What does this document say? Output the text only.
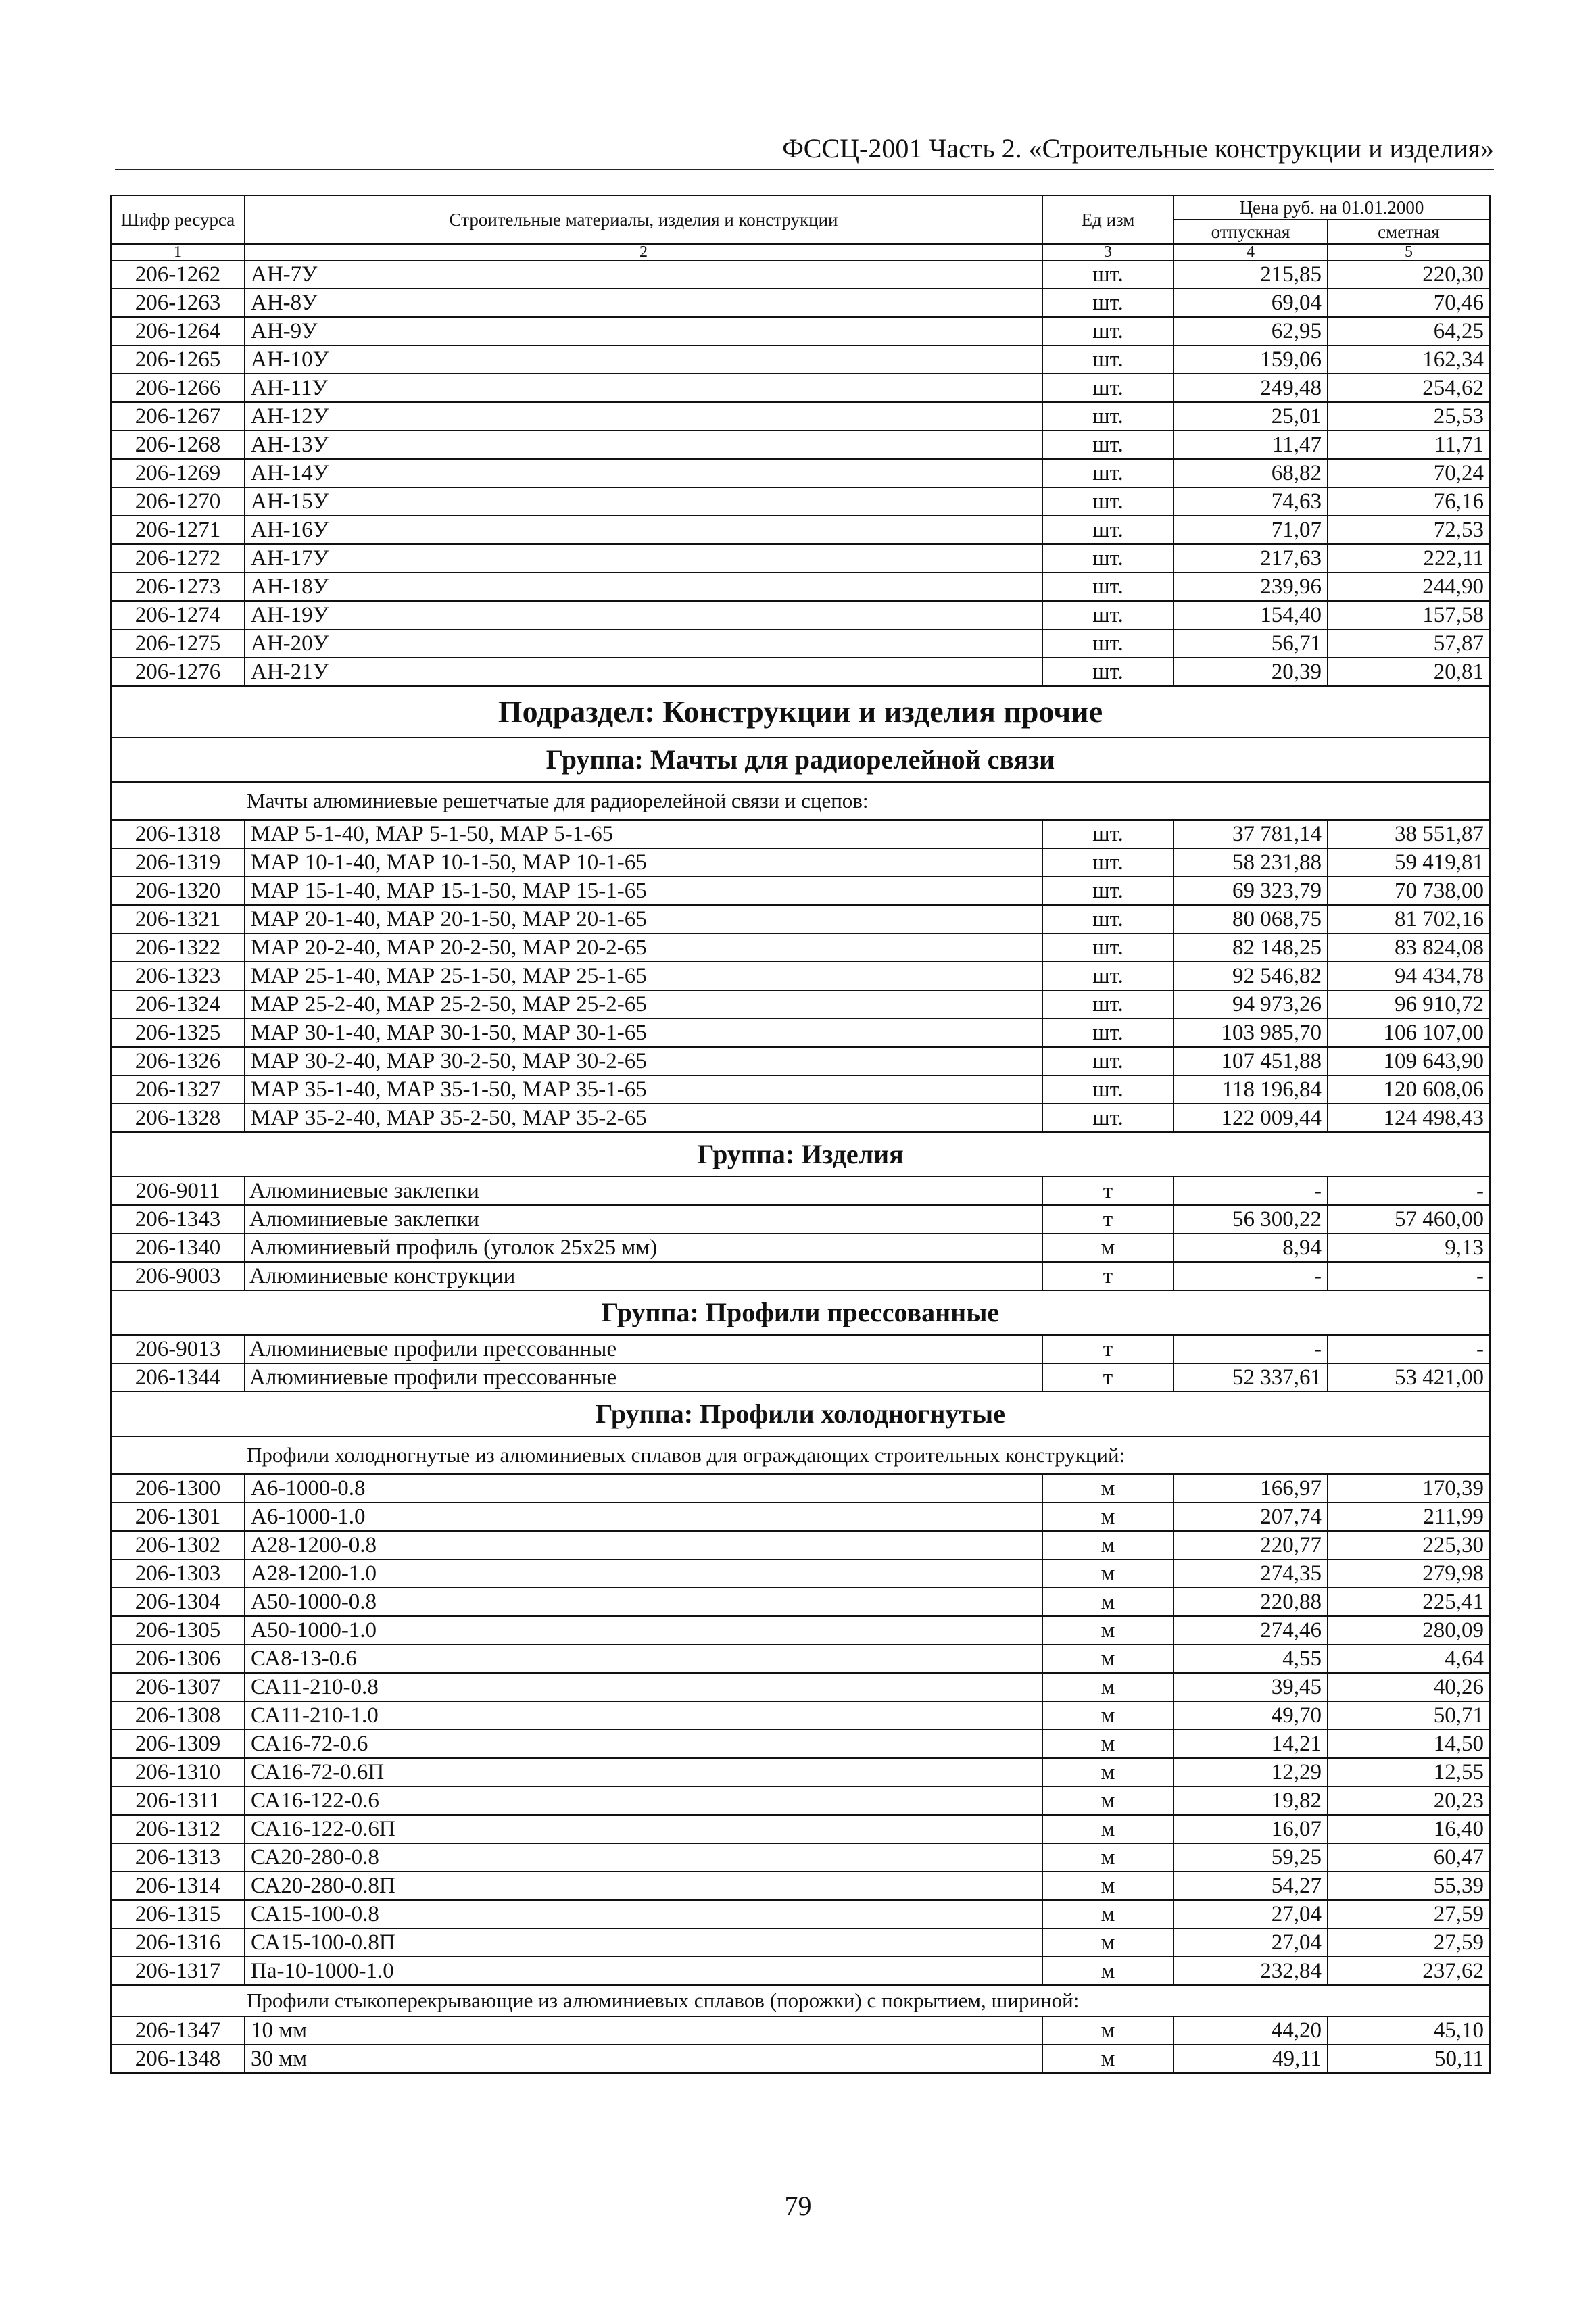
ФССЦ-2001 Часть 2. «Строительные конструкции и изделия»
Шифр ресурса	Строительные материалы, изделия и конструкции	Ед изм	Цена руб. на 01.01.2000	
			отпускная	сметная
1	2	3	4	5
206-1262	АН-7У	шт.	215,85	220,30
206-1263	АН-8У	шт.	69,04	70,46
206-1264	АН-9У	шт.	62,95	64,25
206-1265	АН-10У	шт.	159,06	162,34
206-1266	АН-11У	шт.	249,48	254,62
206-1267	АН-12У	шт.	25,01	25,53
206-1268	АН-13У	шт.	11,47	11,71
206-1269	АН-14У	шт.	68,82	70,24
206-1270	АН-15У	шт.	74,63	76,16
206-1271	АН-16У	шт.	71,07	72,53
206-1272	АН-17У	шт.	217,63	222,11
206-1273	АН-18У	шт.	239,96	244,90
206-1274	АН-19У	шт.	154,40	157,58
206-1275	АН-20У	шт.	56,71	57,87
206-1276	АН-21У	шт.	20,39	20,81
Подраздел: Конструкции и изделия прочие				
Группа: Мачты для радиорелейной связи				
Мачты алюминиевые решетчатые для радиорелейной связи и сцепов:				
206-1318	МАР 5-1-40, МАР 5-1-50, МАР 5-1-65	шт.	37 781,14	38 551,87
206-1319	МАР 10-1-40, МАР 10-1-50, МАР 10-1-65	шт.	58 231,88	59 419,81
206-1320	МАР 15-1-40, МАР 15-1-50, МАР 15-1-65	шт.	69 323,79	70 738,00
206-1321	МАР 20-1-40, МАР 20-1-50, МАР 20-1-65	шт.	80 068,75	81 702,16
206-1322	МАР 20-2-40, МАР 20-2-50, МАР 20-2-65	шт.	82 148,25	83 824,08
206-1323	МАР 25-1-40, МАР 25-1-50, МАР 25-1-65	шт.	92 546,82	94 434,78
206-1324	МАР 25-2-40, МАР 25-2-50, МАР 25-2-65	шт.	94 973,26	96 910,72
206-1325	МАР 30-1-40, МАР 30-1-50, МАР 30-1-65	шт.	103 985,70	106 107,00
206-1326	МАР 30-2-40, МАР 30-2-50, МАР 30-2-65	шт.	107 451,88	109 643,90
206-1327	МАР 35-1-40, МАР 35-1-50, МАР 35-1-65	шт.	118 196,84	120 608,06
206-1328	МАР 35-2-40, МАР 35-2-50, МАР 35-2-65	шт.	122 009,44	124 498,43
Группа: Изделия				
206-9011	Алюминиевые заклепки	т	-	-
206-1343	Алюминиевые заклепки	т	56 300,22	57 460,00
206-1340	Алюминиевый профиль (уголок 25х25 мм)	м	8,94	9,13
206-9003	Алюминиевые конструкции	т	-	-
Группа: Профили прессованные				
206-9013	Алюминиевые профили прессованные	т	-	-
206-1344	Алюминиевые профили прессованные	т	52 337,61	53 421,00
Группа: Профили холодногнутые				
Профили холодногнутые из алюминиевых сплавов для ограждающих строительных конструкций:				
206-1300	А6-1000-0.8	м	166,97	170,39
206-1301	А6-1000-1.0	м	207,74	211,99
206-1302	А28-1200-0.8	м	220,77	225,30
206-1303	А28-1200-1.0	м	274,35	279,98
206-1304	А50-1000-0.8	м	220,88	225,41
206-1305	А50-1000-1.0	м	274,46	280,09
206-1306	СА8-13-0.6	м	4,55	4,64
206-1307	СА11-210-0.8	м	39,45	40,26
206-1308	СА11-210-1.0	м	49,70	50,71
206-1309	СА16-72-0.6	м	14,21	14,50
206-1310	СА16-72-0.6П	м	12,29	12,55
206-1311	СА16-122-0.6	м	19,82	20,23
206-1312	СА16-122-0.6П	м	16,07	16,40
206-1313	СА20-280-0.8	м	59,25	60,47
206-1314	СА20-280-0.8П	м	54,27	55,39
206-1315	СА15-100-0.8	м	27,04	27,59
206-1316	СА15-100-0.8П	м	27,04	27,59
206-1317	Па-10-1000-1.0	м	232,84	237,62
Профили стыкоперекрывающие из алюминиевых сплавов (порожки) с покрытием, шириной:				
206-1347	10 мм	м	44,20	45,10
206-1348	30 мм	м	49,11	50,11
79
